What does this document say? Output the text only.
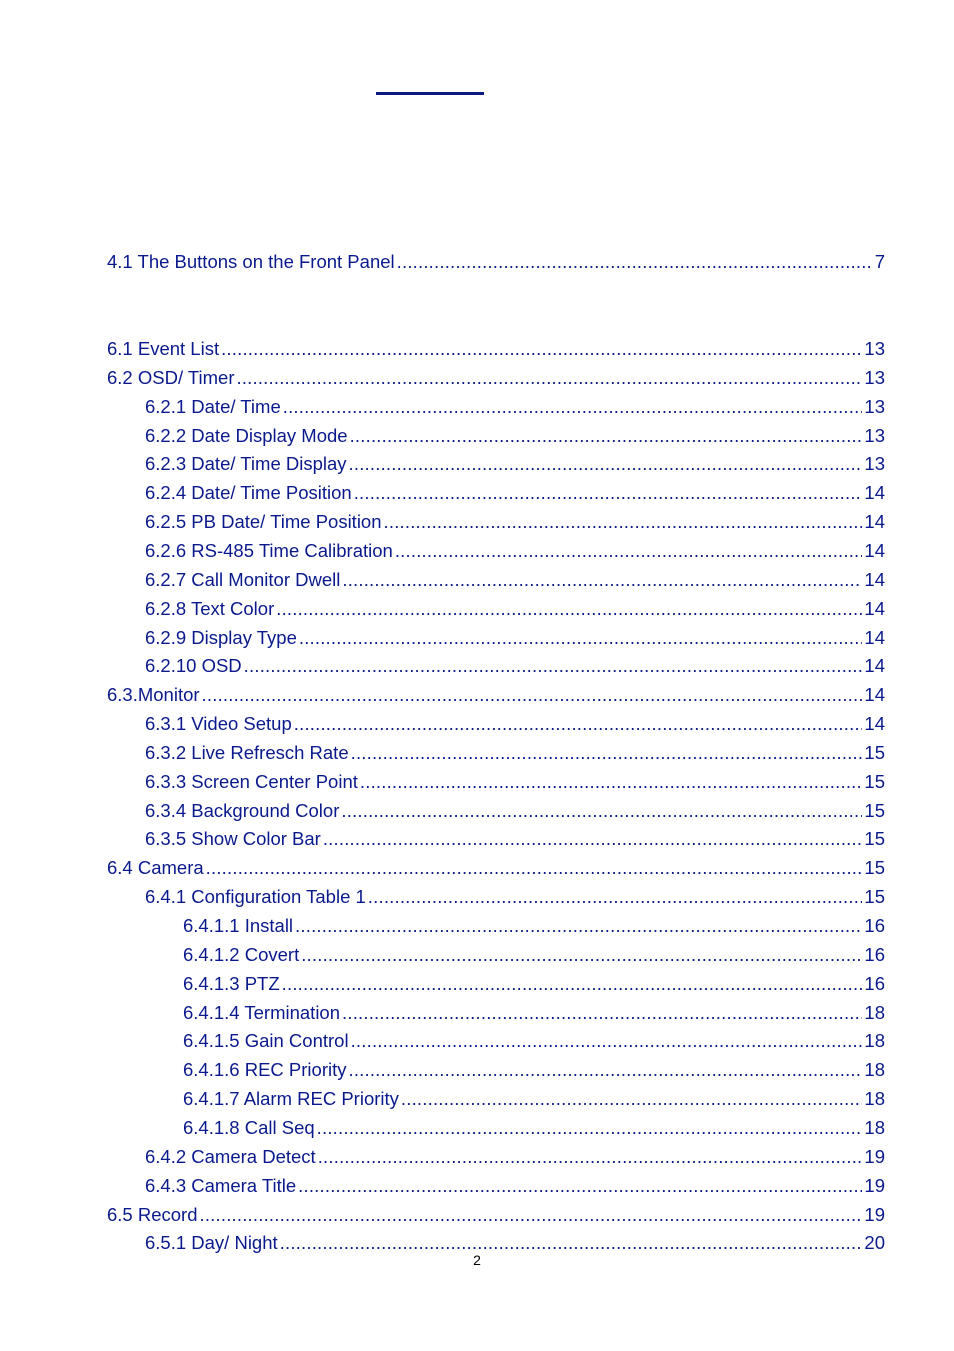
4.1 The Buttons on the Front Panel .....	7
6.1 Event List .....	13
6.2 OSD/ Timer .....	13
6.2.1 Date/ Time .....	13
6.2.2 Date Display Mode .....	13
6.2.3 Date/ Time Display .....	13
6.2.4 Date/ Time Position .....	14
6.2.5 PB Date/ Time Position .....	14
6.2.6 RS-485 Time Calibration .....	14
6.2.7 Call Monitor Dwell .....	14
6.2.8 Text Color .....	14
6.2.9 Display Type .....	14
6.2.10 OSD .....	14
6.3.Monitor .....	14
6.3.1 Video Setup .....	14
6.3.2 Live Refresch Rate .....	15
6.3.3 Screen Center Point .....	15
6.3.4 Background Color .....	15
6.3.5 Show Color Bar .....	15
6.4 Camera .....	15
6.4.1 Configuration Table 1 .....	15
6.4.1.1 Install .....	16
6.4.1.2 Covert .....	16
6.4.1.3 PTZ .....	16
6.4.1.4 Termination .....	18
6.4.1.5 Gain Control .....	18
6.4.1.6 REC Priority .....	18
6.4.1.7 Alarm REC Priority .....	18
6.4.1.8 Call Seq .....	18
6.4.2 Camera Detect .....	19
6.4.3 Camera Title .....	19
6.5 Record .....	19
6.5.1 Day/ Night .....	20
2
